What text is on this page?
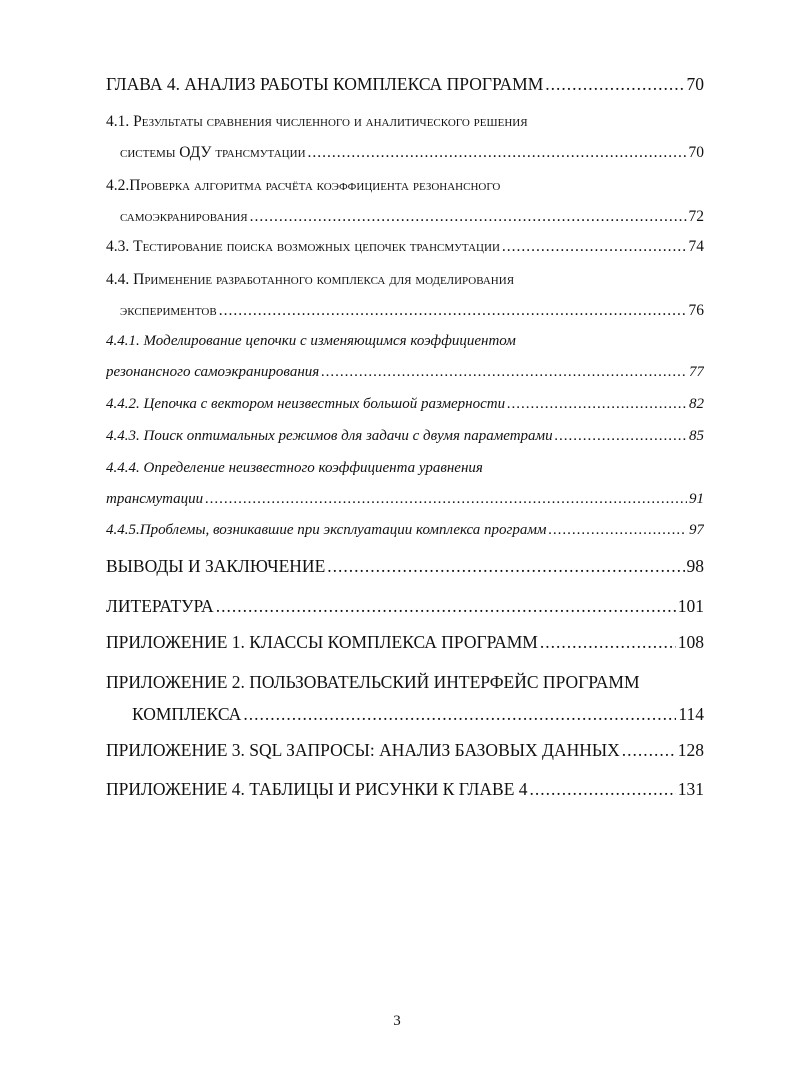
ГЛАВА 4. АНАЛИЗ РАБОТЫ КОМПЛЕКСА ПРОГРАММ .....	70
4.1. Результаты сравнения численного и аналитического решения
системы ОДУ трансмутации .....	70
4.2.Проверка алгоритма расчёта коэффициента резонансного
самоэкранирования .....	72
4.3. Тестирование поиска возможных цепочек трансмутации .....	74
4.4. Применение разработанного комплекса для моделирования
экспериментов .....	76
4.4.1. Моделирование цепочки с изменяющимся коэффициентом
резонансного самоэкранирования .....	77
4.4.2. Цепочка с вектором неизвестных большой размерности .....	82
4.4.3. Поиск оптимальных режимов для задачи с двумя параметрами .....	85
4.4.4. Определение неизвестного коэффициента уравнения
трансмутации .....	91
4.4.5.Проблемы, возникавшие при эксплуатации комплекса программ .....	97
ВЫВОДЫ И ЗАКЛЮЧЕНИЕ .....	98
ЛИТЕРАТУРА .....	101
ПРИЛОЖЕНИЕ 1. КЛАССЫ КОМПЛЕКСА ПРОГРАММ .....	108
ПРИЛОЖЕНИЕ 2. ПОЛЬЗОВАТЕЛЬСКИЙ ИНТЕРФЕЙС ПРОГРАММ
КОМПЛЕКСА .....	114
ПРИЛОЖЕНИЕ 3. SQL ЗАПРОСЫ: АНАЛИЗ БАЗОВЫХ ДАННЫХ .....	128
ПРИЛОЖЕНИЕ 4. ТАБЛИЦЫ И РИСУНКИ К ГЛАВЕ 4 .....	131
3
